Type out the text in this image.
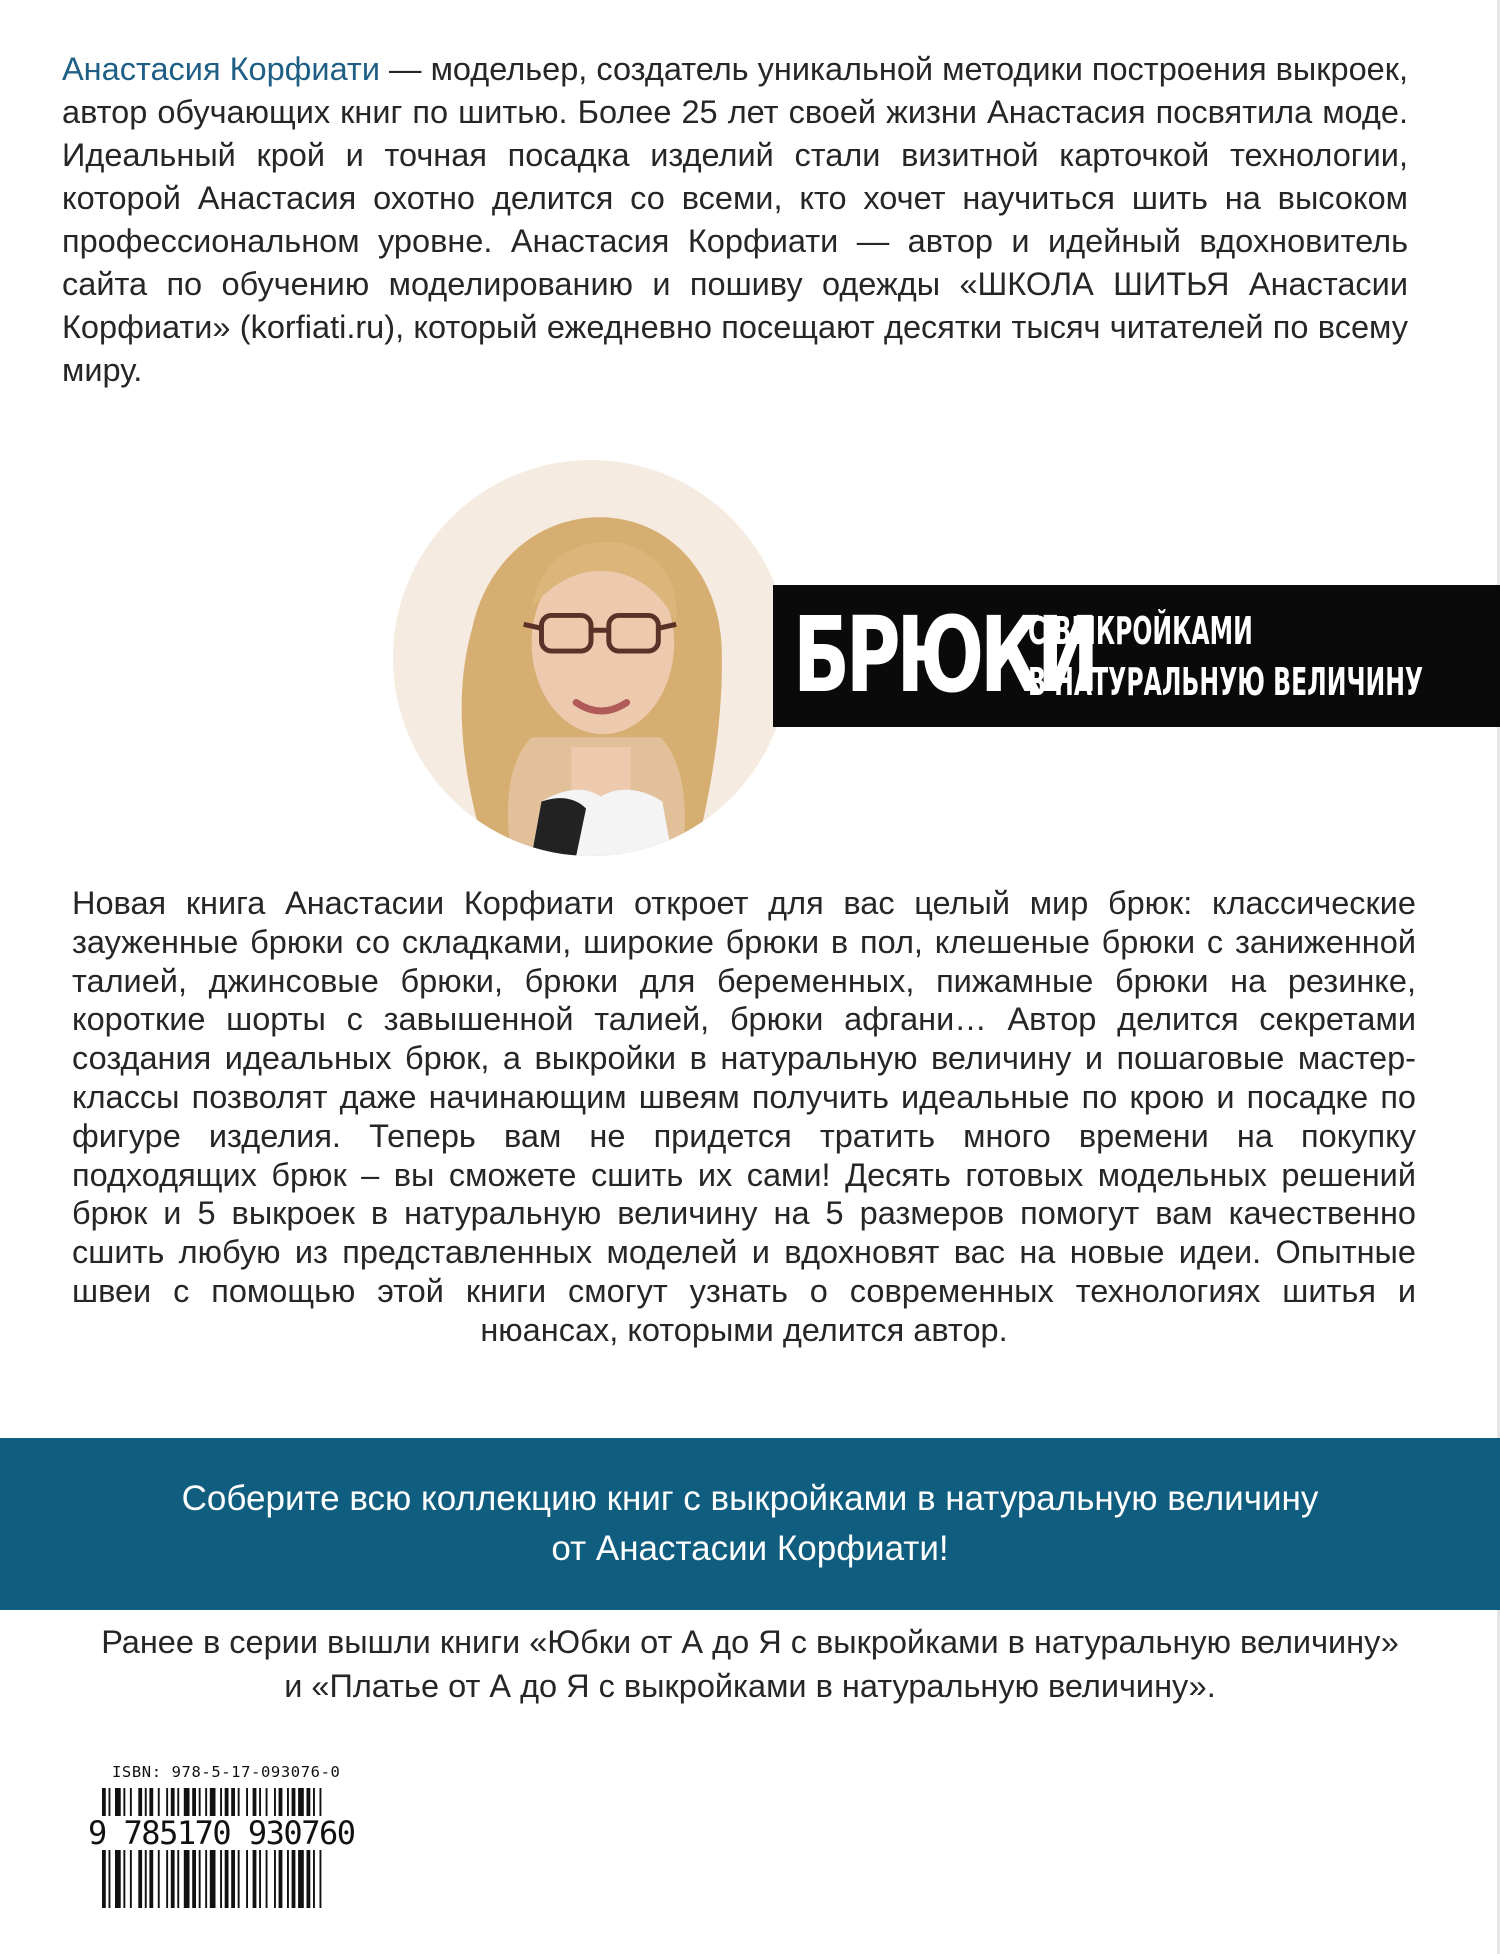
Анастасия Корфиати — модельер, создатель уникальной методики построения выкроек, автор обучающих книг по шитью. Более 25 лет своей жизни Анастасия посвятила моде. Идеальный крой и точная посадка изделий стали визитной карточкой технологии, которой Анастасия охотно делится со всеми, кто хочет научиться шить на высоком профессиональном уровне. Анастасия Корфиати — автор и идейный вдохновитель сайта по обучению моделированию и пошиву одежды «ШКОЛА ШИТЬЯ Анастасии Корфиати» (korfiati.ru), который ежедневно посещают десятки тысяч читателей по всему миру.
БРЮКИ
С ВЫКРОЙКАМИ
В НАТУРАЛЬНУЮ ВЕЛИЧИНУ
Новая книга Анастасии Корфиати откроет для вас целый мир брюк: классические зауженные брюки со складками, широкие брюки в пол, клешеные брюки с заниженной талией, джинсовые брюки, брюки для беременных, пижамные брюки на резинке, короткие шорты с завышенной талией, брюки афгани… Автор делится секретами создания идеальных брюк, а выкройки в натуральную величину и пошаговые мастер-классы позволят даже начинающим швеям получить идеальные по крою и посадке по фигуре изделия. Теперь вам не придется тратить много времени на покупку подходящих брюк – вы сможете сшить их сами! Десять готовых модельных решений брюк и 5 выкроек в натуральную величину на 5 размеров помогут вам качественно сшить любую из представленных моделей и вдохновят вас на новые идеи. Опытные швеи с помощью этой книги смогут узнать о современных технологиях шитья и нюансах, которыми делится автор.
Соберите всю коллекцию книг с выкройками в натуральную величину
от Анастасии Корфиати!
Ранее в серии вышли книги «Юбки от А до Я с выкройками в натуральную величину»
и «Платье от А до Я с выкройками в натуральную величину».
ISBN: 978-5-17-093076-0
9 785170 930760
